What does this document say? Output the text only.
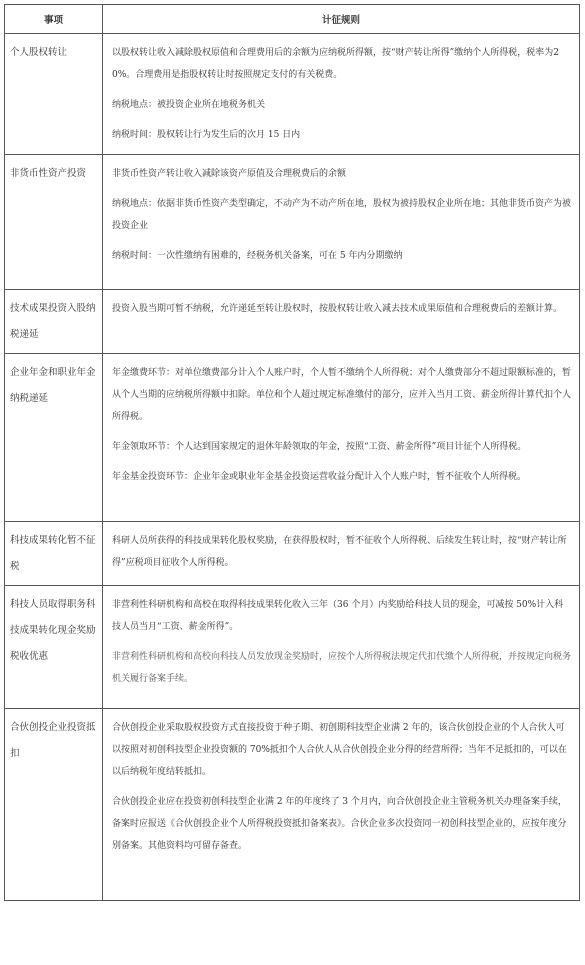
事项	计征规则
个人股权转让	以股权转让收入减除股权原值和合理费用后的余额为应纳税所得额，按“财产转让所得”缴纳个人所得税，税率为20%。合理费用是指股权转让时按照规定支付的有关税费。

纳税地点：被投资企业所在地税务机关

纳税时间：股权转让行为发生后的次月 15 日内

非货币性资产投资	非货币性资产转让收入减除该资产原值及合理税费后的余额

纳税地点：依据非货币性资产类型确定，不动产为不动产所在地，股权为被持股权企业所在地；其他非货币资产为被投资企业

纳税时间：一次性缴纳有困难的，经税务机关备案，可在 5 年内分期缴纳

技术成果投资入股纳税递延	投资入股当期可暂不纳税，允许递延至转让股权时，按股权转让收入减去技术成果原值和合理税费后的差额计算。

企业年金和职业年金纳税递延	年金缴费环节：对单位缴费部分计入个人账户时，个人暂不缴纳个人所得税；对个人缴费部分不超过限额标准的，暂从个人当期的应纳税所得额中扣除。单位和个人超过规定标准缴付的部分，应并入当月工资、薪金所得计算代扣个人所得税。

年金领取环节：个人达到国家规定的退休年龄领取的年金，按照“工资、薪金所得”项目计征个人所得税。

年金基金投资环节：企业年金或职业年金基金投资运营收益分配计入个人账户时，暂不征收个人所得税。

科技成果转化暂不征税	科研人员所获得的科技成果转化股权奖励，在获得股权时，暂不征收个人所得税、后续发生转让时，按“财产转让所得”应税项目征收个人所得税。

科技人员取得职务科技成果转化现金奖励税收优惠	非营利性科研机构和高校在取得科技成果转化收入三年（36 个月）内奖励给科技人员的现金，可减按 50%计入科技人员当月“工资、薪金所得”。

非营利性科研机构和高校向科技人员发放现金奖励时，应按个人所得税法规定代扣代缴个人所得税，并按规定向税务机关履行备案手续。

合伙创投企业投资抵扣	合伙创投企业采取股权投资方式直接投资于种子期、初创期科技型企业满 2 年的，该合伙创投企业的个人合伙人可以按照对初创科技型企业投资额的 70%抵扣个人合伙人从合伙创投企业分得的经营所得；当年不足抵扣的，可以在以后纳税年度结转抵扣。

合伙创投企业应在投资初创科技型企业满 2 年的年度终了 3 个月内，向合伙创投企业主管税务机关办理备案手续，备案时应报送《合伙创投企业个人所得税投资抵扣备案表》。合伙企业多次投资同一初创科技型企业的，应按年度分别备案。其他资料均可留存备查。
